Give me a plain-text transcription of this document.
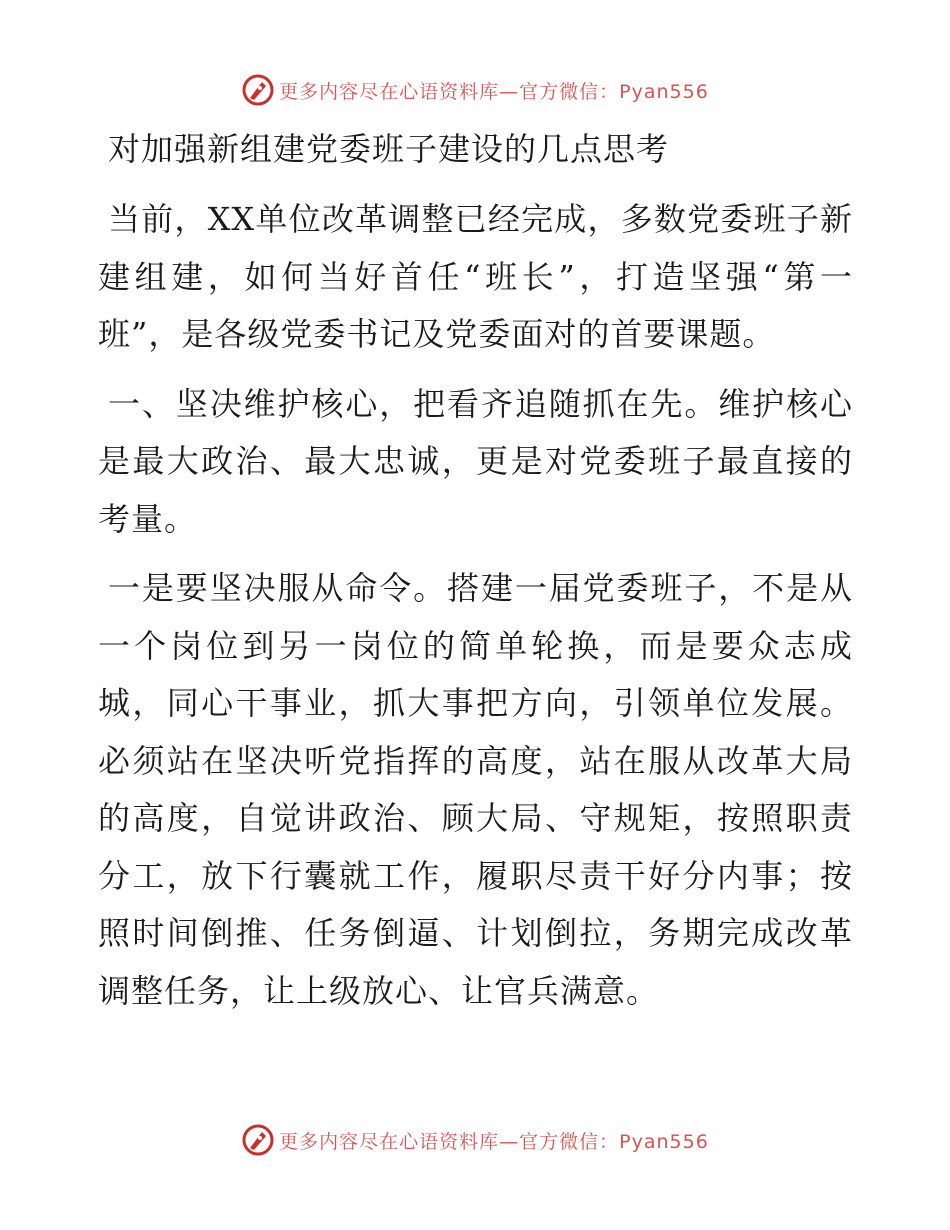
更多内容尽在心语资料库—官方微信：Pyan556
对加强新组建党委班子建设的几点思考

当前，XX单位改革调整已经完成，多数党委班子新建组建，如何当好首任“班长”，打造坚强“第一班”，是各级党委书记及党委面对的首要课题。

一、坚决维护核心，把看齐追随抓在先。维护核心是最大政治、最大忠诚，更是对党委班子最直接的考量。

一是要坚决服从命令。搭建一届党委班子，不是从一个岗位到另一岗位的简单轮换，而是要众志成城，同心干事业，抓大事把方向，引领单位发展。必须站在坚决听党指挥的高度，站在服从改革大局的高度，自觉讲政治、顾大局、守规矩，按照职责分工，放下行囊就工作，履职尽责干好分内事；按照时间倒推、任务倒逼、计划倒拉，务期完成改革调整任务，让上级放心、让官兵满意。

更多内容尽在心语资料库—官方微信：Pyan556
